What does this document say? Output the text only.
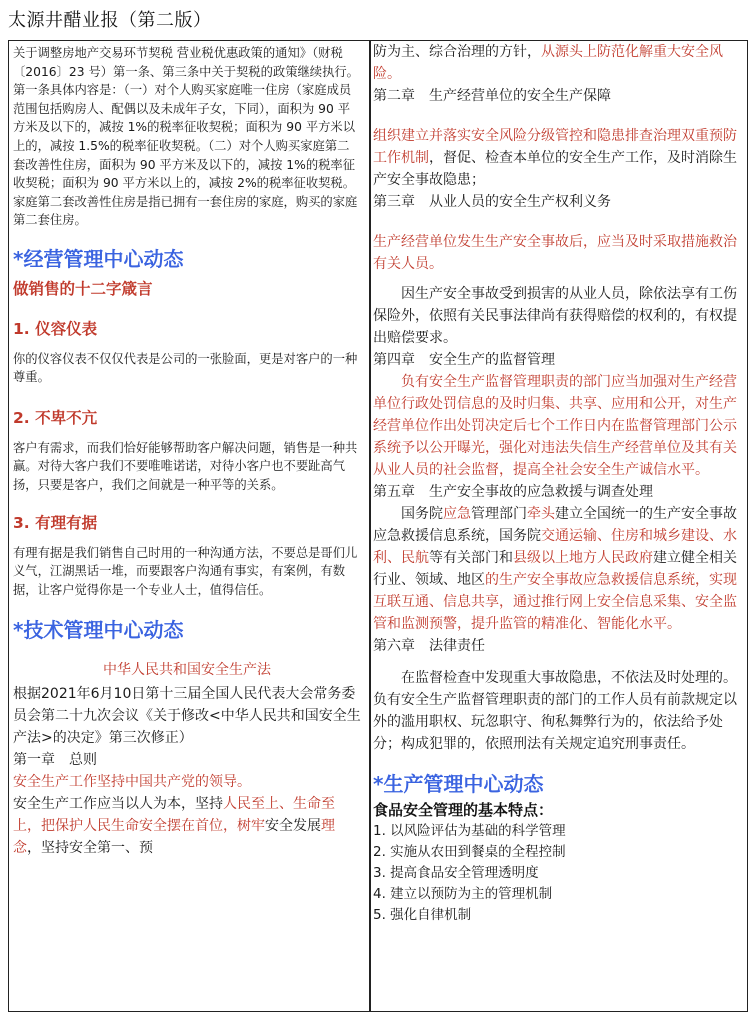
太源井醋业报（第二版）

关于调整房地产交易环节契税 营业税优惠政策的通知》（财税〔2016〕23 号）第一条、第三条中关于契税的政策继续执行。第一条具体内容是：（一）对个人购买家庭唯一住房（家庭成员范围包括购房人、配偶以及未成年子女，下同），面积为 90 平方米及以下的，减按 1%的税率征收契税；面积为 90 平方米以上的，减按 1.5%的税率征收契税。（二）对个人购买家庭第二套改善性住房，面积为 90 平方米及以下的，减按 1%的税率征收契税；面积为 90 平方米以上的，减按 2%的税率征收契税。家庭第二套改善性住房是指已拥有一套住房的家庭，购买的家庭第二套住房。

*经营管理中心动态
做销售的十二字箴言
1. 仪容仪表

你的仪容仪表不仅仅代表是公司的一张脸面，更是对客户的一种尊重。

2. 不卑不亢

客户有需求，而我们恰好能够帮助客户解决问题，销售是一种共赢。对待大客户我们不要唯唯诺诺，对待小客户也不要趾高气扬，只要是客户，我们之间就是一种平等的关系。

3. 有理有据

有理有据是我们销售自己时用的一种沟通方法，不要总是哥们儿义气，江湖黑话一堆，而要跟客户沟通有事实，有案例，有数据，让客户觉得你是一个专业人士，值得信任。

*技术管理中心动态
中华人民共和国安全生产法

根据2021年6月10日第十三届全国人民代表大会常务委员会第二十九次会议《关于修改<中华人民共和国安全生产法>的决定》第三次修正）

第一章　总则
安全生产工作坚持中国共产党的领导。

安全生产工作应当以人为本，坚持人民至上、生命至上，把保护人民生命安全摆在首位，树牢安全发展理念，坚持安全第一、预

防为主、综合治理的方针，从源头上防范化解重大安全风险。

第二章　生产经营单位的安全生产保障

组织建立并落实安全风险分级管控和隐患排查治理双重预防工作机制，督促、检查本单位的安全生产工作，及时消除生产安全事故隐患；

第三章　从业人员的安全生产权利义务

生产经营单位发生生产安全事故后，应当及时采取措施救治有关人员。

因生产安全事故受到损害的从业人员，除依法享有工伤保险外，依照有关民事法律尚有获得赔偿的权利的，有权提出赔偿要求。

第四章　安全生产的监督管理

负有安全生产监督管理职责的部门应当加强对生产经营单位行政处罚信息的及时归集、共享、应用和公开，对生产经营单位作出处罚决定后七个工作日内在监督管理部门公示系统予以公开曝光，强化对违法失信生产经营单位及其有关从业人员的社会监督，提高全社会安全生产诚信水平。

第五章　生产安全事故的应急救援与调查处理

国务院应急管理部门牵头建立全国统一的生产安全事故应急救援信息系统，国务院交通运输、住房和城乡建设、水利、民航等有关部门和县级以上地方人民政府建立健全相关行业、领域、地区的生产安全事故应急救援信息系统，实现互联互通、信息共享，通过推行网上安全信息采集、安全监管和监测预警，提升监管的精准化、智能化水平。

第六章　法律责任

在监督检查中发现重大事故隐患，不依法及时处理的。负有安全生产监督管理职责的部门的工作人员有前款规定以外的滥用职权、玩忽职守、徇私舞弊行为的，依法给予处分；构成犯罪的，依照刑法有关规定追究刑事责任。

*生产管理中心动态
食品安全管理的基本特点：
1. 以风险评估为基础的科学管理
2. 实施从农田到餐桌的全程控制
3. 提高食品安全管理透明度
4. 建立以预防为主的管理机制
5. 强化自律机制
